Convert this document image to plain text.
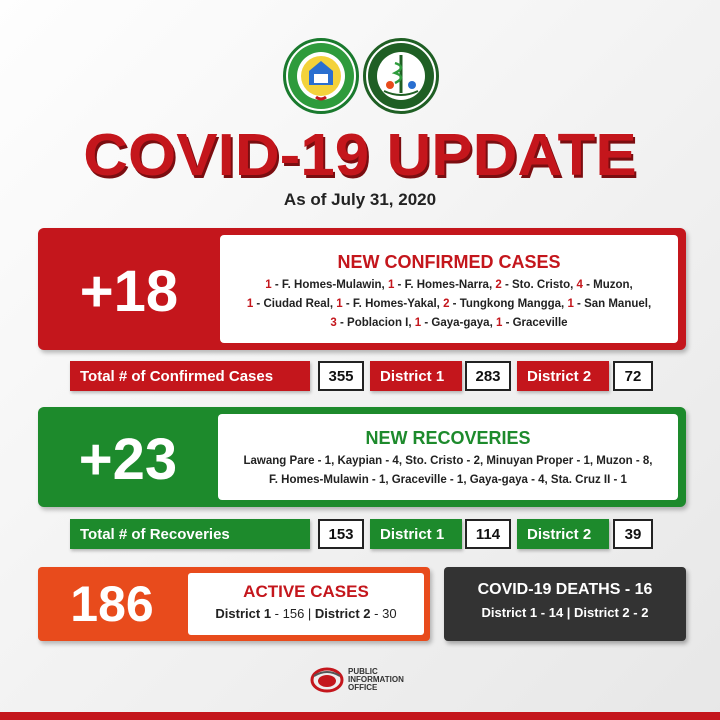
COVID-19 UPDATE
As of July 31, 2020
+18	NEW CONFIRMED CASES
1 - F. Homes-Mulawin, 1 - F. Homes-Narra, 2 - Sto. Cristo, 4 - Muzon,
1 - Ciudad Real, 1 - F. Homes-Yakal, 2 - Tungkong Mangga, 1 - San Manuel,
3 - Poblacion I, 1 - Gaya-gaya, 1 - Graceville
Total # of Confirmed Cases	355	District 1	283	District 2	72
+23	NEW RECOVERIES
Lawang Pare - 1, Kaypian - 4, Sto. Cristo - 2, Minuyan Proper - 1, Muzon - 8,
F. Homes-Mulawin - 1, Graceville - 1, Gaya-gaya - 4, Sta. Cruz II - 1
Total # of Recoveries	153	District 1	114	District 2	39
186	ACTIVE CASES
District 1 - 156 | District 2 - 30
COVID-19 DEATHS - 16
District 1 - 14 | District 2 - 2
PUBLIC
INFORMATION
OFFICE
